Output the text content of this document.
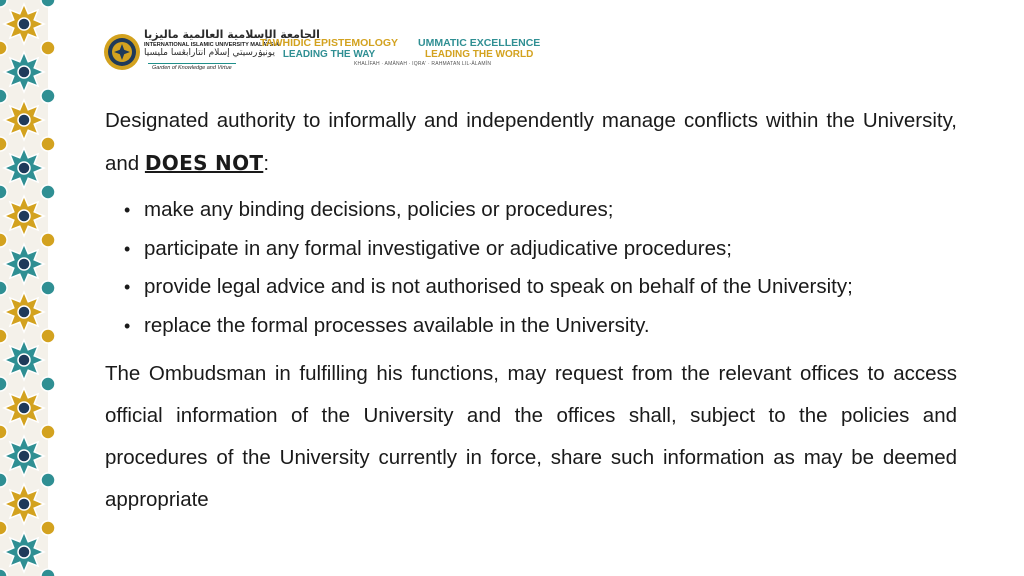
الجامعة الإسلامية العالمية ماليزيا
INTERNATIONAL ISLAMIC UNIVERSITY MALAYSIA
يونيۏرسيتي إسلام انتارابڠسا مليسيا
Garden of Knowledge and Virtue
TAWHIDIC EPISTEMOLOGY
LEADING THE WAY
UMMATIC EXCELLENCE
LEADING THE WORLD
KHALĪFAH · AMĀNAH · IQRA' · RAHMATAN LIL-ĀLAMĪN

Designated authority to informally and independently manage conflicts within the University, and DOES NOT:

• make any binding decisions, policies or procedures;
• participate in any formal investigative or adjudicative procedures;
• provide legal advice and is not authorised to speak on behalf of the University;
• replace the formal processes available in the University.

The Ombudsman in fulfilling his functions, may request from the relevant offices to access official information of the University and the offices shall, subject to the policies and procedures of the University currently in force, share such information as may be deemed appropriate
